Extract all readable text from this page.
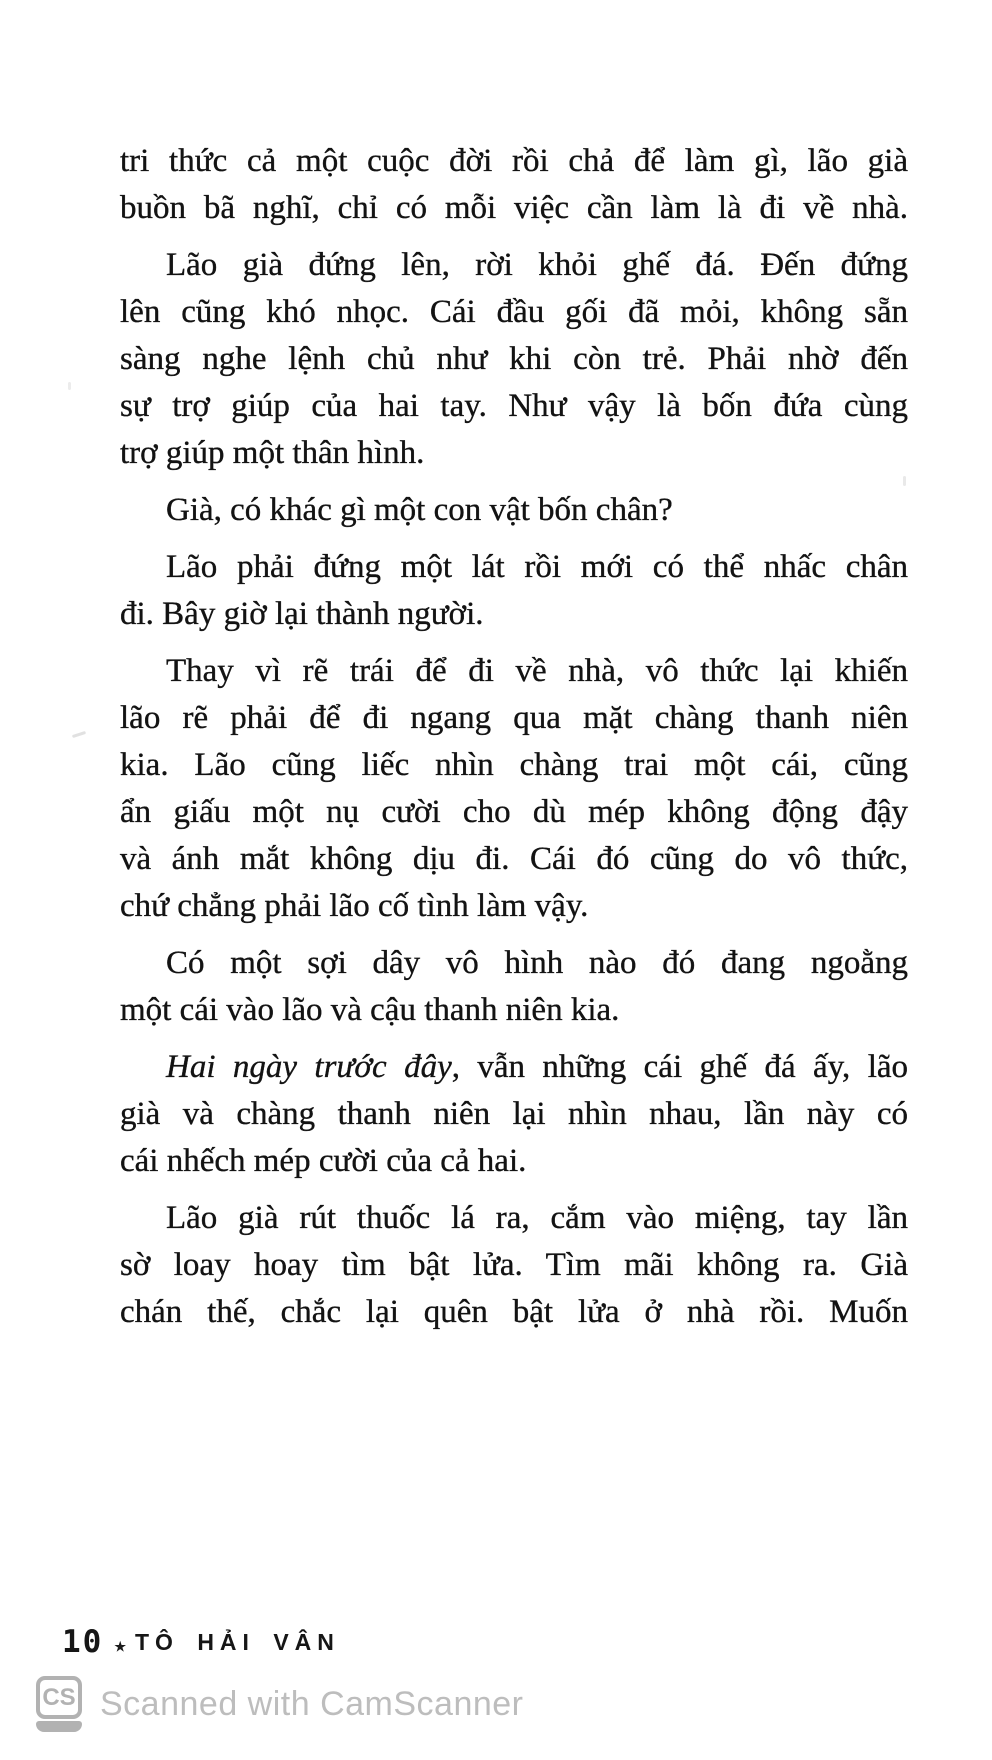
tri thức cả một cuộc đời rồi chả để làm gì, lão già
buồn bã nghĩ, chỉ có mỗi việc cần làm là đi về nhà.

Lão già đứng lên, rời khỏi ghế đá. Đến đứng
lên cũng khó nhọc. Cái đầu gối đã mỏi, không sẵn
sàng nghe lệnh chủ như khi còn trẻ. Phải nhờ đến
sự trợ giúp của hai tay. Như vậy là bốn đứa cùng
trợ giúp một thân hình.

Già, có khác gì một con vật bốn chân?

Lão phải đứng một lát rồi mới có thể nhấc chân
đi. Bây giờ lại thành người.

Thay vì rẽ trái để đi về nhà, vô thức lại khiến
lão rẽ phải để đi ngang qua mặt chàng thanh niên
kia. Lão cũng liếc nhìn chàng trai một cái, cũng
ẩn giấu một nụ cười cho dù mép không động đậy
và ánh mắt không dịu đi. Cái đó cũng do vô thức,
chứ chẳng phải lão cố tình làm vậy.

Có một sợi dây vô hình nào đó đang ngoằng
một cái vào lão và cậu thanh niên kia.

Hai ngày trước đây, vẫn những cái ghế đá ấy, lão
già và chàng thanh niên lại nhìn nhau, lần này có
cái nhếch mép cười của cả hai.

Lão già rút thuốc lá ra, cắm vào miệng, tay lần
sờ loay hoay tìm bật lửa. Tìm mãi không ra. Già
chán thế, chắc lại quên bật lửa ở nhà rồi. Muốn

10 ★ TÔ HẢI VÂN
CS Scanned with CamScanner
